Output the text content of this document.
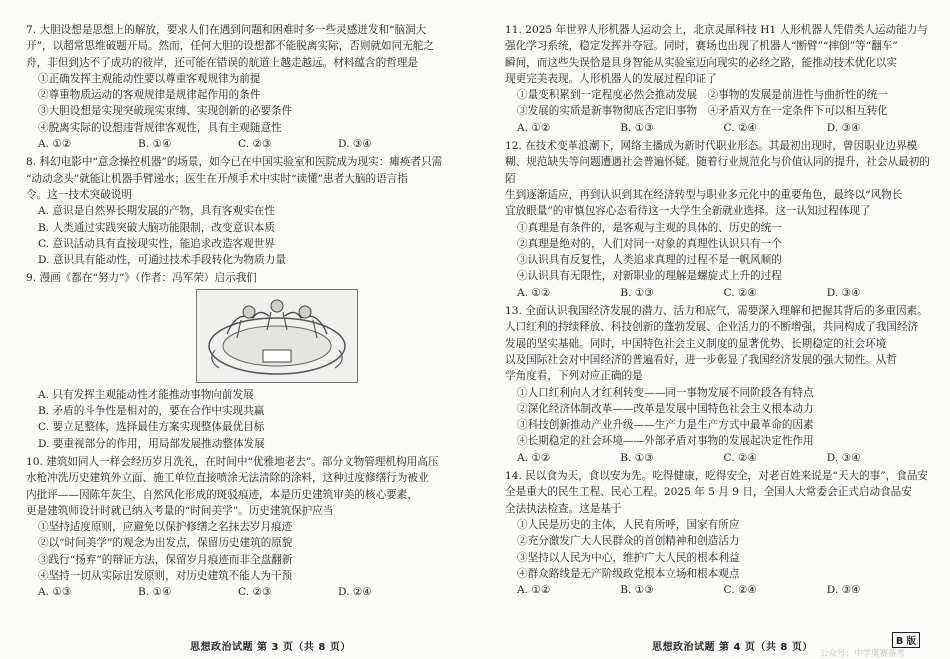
7. 大胆设想是思想上的解放，要求人们在遇到问题和困难时多一些灵感迸发和“脑洞大

开”，以超常思维破题开局。然而，任何大胆的设想都不能脱离实际，否则就如同无舵之

舟，非但到达不了成功的彼岸，还可能在错误的航道上越走越远。材料蕴含的哲理是

①正确发挥主观能动性要以尊重客观规律为前提

②尊重物质运动的客观规律是规律起作用的条件

③大胆设想是实现突破现实束缚、实现创新的必要条件

④脱离实际的设想违背规律客观性，具有主观随意性

A. ①②	B. ①④	C. ②③	D. ③④

8. 科幻电影中“意念操控机器”的场景，如今已在中国实验室和医院成为现实：瘫痪者只需

“动动念头”就能让机器手臂递水；医生在开颅手术中实时“读懂”患者大脑的语言指

令。这一技术突破说明

A. 意识是自然界长期发展的产物，具有客观实在性

B. 人类通过实践突破大脑功能限制，改变意识本质

C. 意识活动具有直接现实性，能追求改造客观世界

D. 意识具有能动性，可通过技术手段转化为物质力量

9. 漫画《都在“努力”》（作者：冯军荣）启示我们

A. 只有发挥主观能动性才能推动事物向前发展

B. 矛盾的斗争性是相对的，要在合作中实现共赢

C. 要立足整体，选择最佳方案实现整体最优目标

D. 要重视部分的作用，用局部发展推动整体发展

10. 建筑如同人一样会经历岁月洗礼，在时间中“优雅地老去”。部分文物管理机构用高压

水枪冲洗历史建筑外立面、施工单位直接喷涂无法清除的涂料，这种过度修缮行为被业

内批评——因陈年灰尘、自然风化形成的斑驳痕迹，本是历史建筑审美的核心要素，

更是建筑师设计时就已纳入考量的“时间美学”。历史建筑保护应当

①坚持适度原则，应避免以保护修缮之名抹去岁月痕迹

②以“时间美学”的观念为出发点，保留历史建筑的原貌

③践行“扬弃”的辩证方法，保留岁月痕迹而非全盘翻新

④坚持一切从实际出发原则，对历史建筑不能人为干预

A. ①③	B. ①④	C. ②③	D. ②④

11. 2025 年世界人形机器人运动会上，北京灵犀科技 H1 人形机器人凭借类人运动能力与

强化学习系统，稳定发挥并夺冠。同时，赛场也出现了机器人“断臂”“摔倒”等“翻车”

瞬间，而这些失误恰是具身智能从实验室迈向现实的必经之路，能推动技术优化以实

现更完美表现。人形机器人的发展过程印证了

①量变积累到一定程度必然会推动发展　②事物的发展是前进性与曲折性的统一

③发展的实质是新事物彻底否定旧事物　④矛盾双方在一定条件下可以相互转化

A. ①②	B. ①③	C. ②④	D. ③④

12. 在技术变革浪潮下，网络主播成为新时代职业形态。其最初出现时，曾因职业边界模

糊、规范缺失等问题遭遇社会普遍怀疑。随着行业规范化与价值认同的提升，社会从最初的陌

生到逐渐适应，再到认识到其在经济转型与职业多元化中的重要角色，最终以“风物长

宜放眼量”的审慎包容心态看待这一大学生全新就业选择。这一认知过程体现了

①真理是有条件的，是客观与主观的具体的、历史的统一

②真理是绝对的，人们对同一对象的真理性认识只有一个

③认识具有反复性，人类追求真理的过程不是一帆风顺的

④认识具有无限性，对新职业的理解是螺旋式上升的过程

A. ①②	B. ①③	C. ②④	D. ③④

13. 全面认识我国经济发展的潜力、活力和底气，需要深入理解和把握其背后的多重因素。

人口红利的持续释放、科技创新的蓬勃发展、企业活力的不断增强，共同构成了我国经济

发展的坚实基础。同时，中国特色社会主义制度的显著优势、长期稳定的社会环境

以及国际社会对中国经济的普遍看好，进一步彰显了我国经济发展的强大韧性。从哲

学角度看，下列对应正确的是

①人口红利向人才红利转变——同一事物发展不同阶段各有特点

②深化经济体制改革——改革是发展中国特色社会主义根本动力

③科技创新推动产业升级——生产力是生产方式中最革命的因素

④长期稳定的社会环境——外部矛盾对事物的发展起决定性作用

A. ①②	B. ①③	C. ②④	D. ③④

14. 民以食为天，食以安为先。吃得健康，吃得安全，对老百姓来说是“天大的事”，食品安

全是重大的民生工程、民心工程。2025 年 5 月 9 日，全国人大常委会正式启动食品安

全法执法检查。这是基于

①人民是历史的主体，人民有所呼，国家有所应

②充分激发广大人民群众的首创精神和创造活力

③坚持以人民为中心，维护广大人民的根本利益

④群众路线是无产阶级政党根本立场和根本观点

A. ①②	B. ①③	C. ②④	D. ③④
思想政治试题 第 3 页（共 8 页）	思想政治试题 第 4 页（共 8 页）
B 版
公众号：中学奥赛备考
